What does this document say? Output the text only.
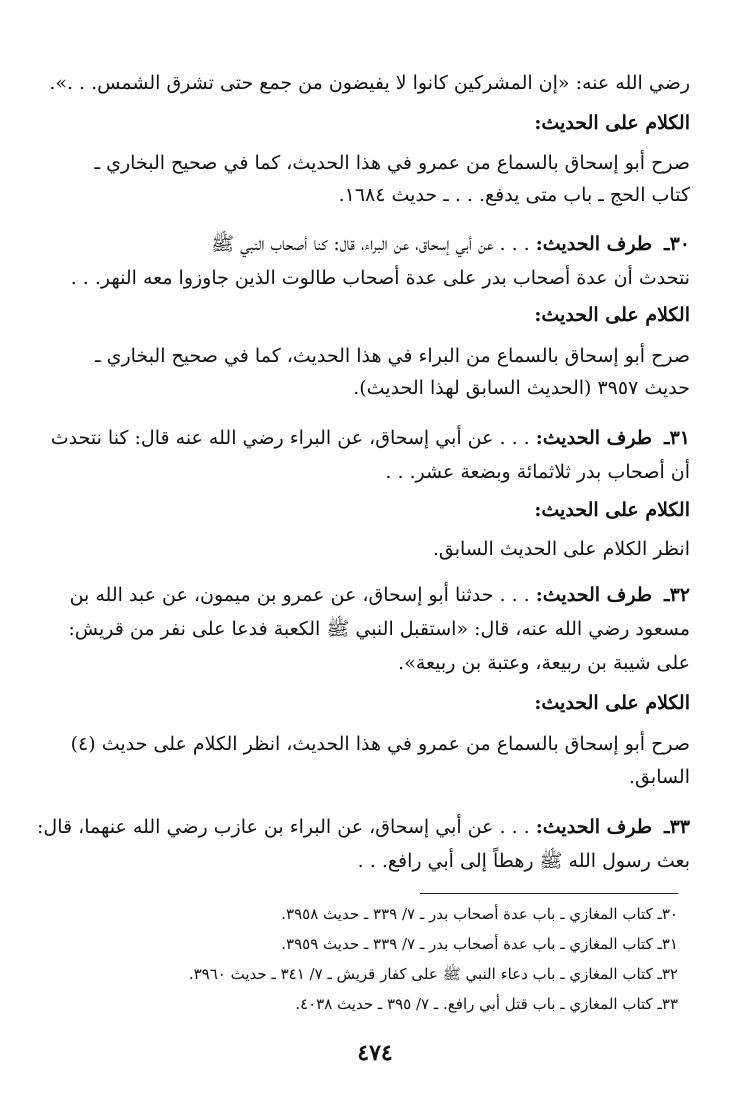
رضي الله عنه: «إن المشركين كانوا لا يفيضون من جمع حتى تشرق الشمس. . .».
الكلام على الحديث:
صرح أبو إسحاق بالسماع من عمرو في هذا الحديث، كما في صحيح البخاري ـ
كتاب الحج ـ باب متى يدفع. . . ـ حديث ١٦٨٤.
٣٠ـ طرف الحديث: . . . عن أبي إسحاق، عن البراء، قال: كنا أصحاب النبي ﷺ
نتحدث أن عدة أصحاب بدر على عدة أصحاب طالوت الذين جاوزوا معه النهر. . .
الكلام على الحديث:
صرح أبو إسحاق بالسماع من البراء في هذا الحديث، كما في صحيح البخاري ـ
حديث ٣٩٥٧ (الحديث السابق لهذا الحديث).
٣١ـ طرف الحديث: . . . عن أبي إسحاق، عن البراء رضي الله عنه قال: كنا نتحدث
أن أصحاب بدر ثلاثمائة وبضعة عشر. . .
الكلام على الحديث:
انظر الكلام على الحديث السابق.
٣٢ـ طرف الحديث: . . . حدثنا أبو إسحاق، عن عمرو بن ميمون، عن عبد الله بن
مسعود رضي الله عنه، قال: «استقبل النبي ﷺ الكعبة فدعا على نفر من قريش:
على شيبة بن ربيعة، وعتبة بن ربيعة».
الكلام على الحديث:
صرح أبو إسحاق بالسماع من عمرو في هذا الحديث، انظر الكلام على حديث (٤)
السابق.
٣٣ـ طرف الحديث: . . . عن أبي إسحاق، عن البراء بن عازب رضي الله عنهما، قال:
بعث رسول الله ﷺ رهطاً إلى أبي رافع. . .
٣٠ـ كتاب المغازي ـ باب عدة أصحاب بدر ـ ٧/ ٣٣٩ ـ حديث ٣٩٥٨.
٣١ـ كتاب المغازي ـ باب عدة أصحاب بدر ـ ٧/ ٣٣٩ ـ حديث ٣٩٥٩.
٣٢ـ كتاب المغازي ـ باب دعاء النبي ﷺ على كفار قريش ـ ٧/ ٣٤١ ـ حديث ٣٩٦٠.
٣٣ـ كتاب المغازي ـ باب قتل أبي رافع. ـ ٧/ ٣٩٥ ـ حديث ٤٠٣٨.
٤٧٤
